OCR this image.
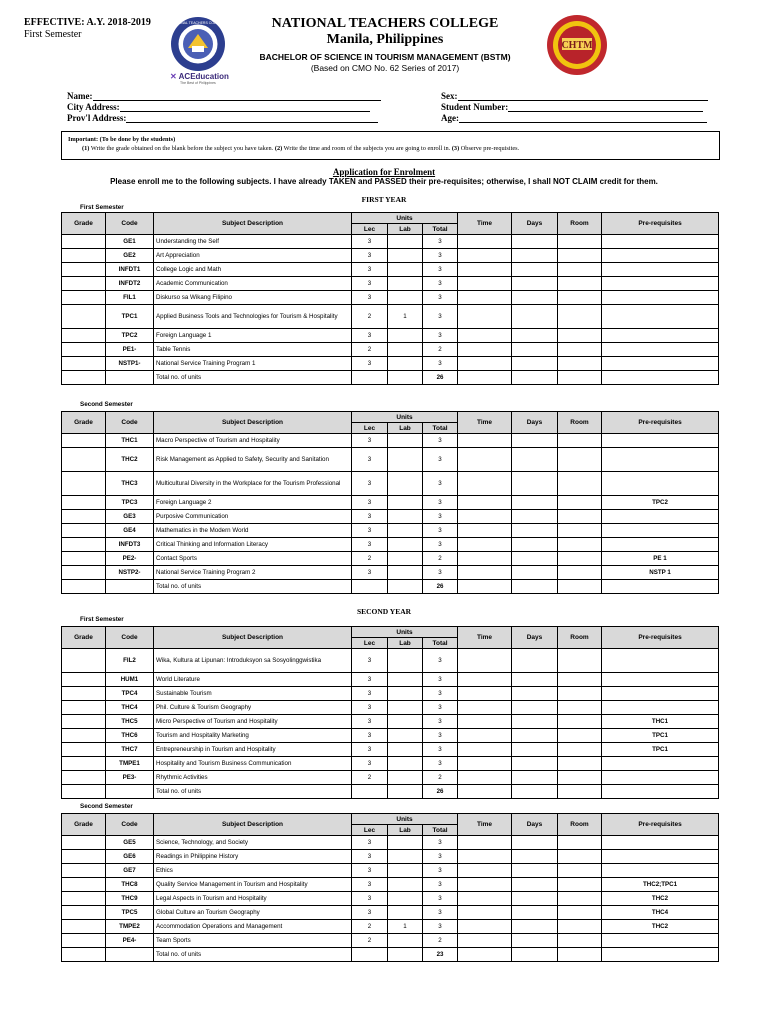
EFFECTIVE: A.Y. 2018-2019
First Semester
NATIONAL TEACHERS COLLEGE
✕ ACEducation
The Best of Philippines
NATIONAL TEACHERS COLLEGE
Manila, Philippines
BACHELOR OF SCIENCE IN TOURISM MANAGEMENT (BSTM)
(Based on CMO No. 62 Series of 2017)
CHTM
Name:
City Address:
Prov'l Address:
Sex:
Student Number:
Age:
Important: (To be done by the students)
(1) Write the grade obtained on the blank before the subject you have taken. (2) Write the time and room of the subjects you are going to enroll in. (3) Observe pre-requisites.
Application for Enrolment
Please enroll me to the following subjects. I have already TAKEN and PASSED their pre-requisites; otherwise, I shall NOT CLAIM credit for them.
FIRST YEAR
First Semester
Second Semester
SECOND YEAR
First Semester
Second Semester
Grade	Code	Subject Description	Units			Time	Days	Room	Pre-requisites
			Lec	Lab	Total				
	GE1	Understanding the Self	3		3				
	GE2	Art Appreciation	3		3				
	INFDT1	College Logic and Math	3		3				
	INFDT2	Academic Communication	3		3				
	FIL1	Diskurso sa Wikang Filipino	3		3				
	TPC1	Applied Business Tools and Technologies for Tourism & Hospitality	2	1	3				
	TPC2	Foreign Language 1	3		3				
	PE1-	Table Tennis	2		2				
	NSTP1-	National Service Training Program 1	3		3				
		Total no. of units			26				
Grade	Code	Subject Description	Units			Time	Days	Room	Pre-requisites
			Lec	Lab	Total				
	THC1	Macro Perspective of Tourism and Hospitality	3		3				
	THC2	Risk Management as Applied to Safety, Security and Sanitation	3		3				
	THC3	Multicultural Diversity in the Workplace for the Tourism Professional	3		3				
	TPC3	Foreign Language 2	3		3				TPC2
	GE3	Purposive Communication	3		3				
	GE4	Mathematics in the Modern World	3		3				
	INFDT3	Critical Thinking and Information Literacy	3		3				
	PE2-	Contact Sports	2		2				PE 1
	NSTP2-	National Service Training Program 2	3		3				NSTP 1
		Total no. of units			26				
Grade	Code	Subject Description	Units			Time	Days	Room	Pre-requisites
			Lec	Lab	Total				
	FIL2	Wika, Kultura at Lipunan: Introduksyon sa Sosyolinggwistika	3		3				
	HUM1	World Literature	3		3				
	TPC4	Sustainable Tourism	3		3				
	THC4	Phil. Culture & Tourism Geography	3		3				
	THC5	Micro Perspective of Tourism and Hospitality	3		3				THC1
	THC6	Tourism and Hospitality Marketing	3		3				TPC1
	THC7	Entrepreneurship in Tourism and Hospitality	3		3				TPC1
	TMPE1	Hospitality and Tourism Business Communication	3		3				
	PE3-	Rhythmic Activities	2		2				
		Total no. of units			26				
Grade	Code	Subject Description	Units			Time	Days	Room	Pre-requisites
			Lec	Lab	Total				
	GE5	Science, Technology, and Society	3		3				
	GE6	Readings in Philippine History	3		3				
	GE7	Ethics	3		3				
	THC8	Quality Service Management in Tourism and Hospitality	3		3				THC2;TPC1
	THC9	Legal Aspects in Tourism and Hospitality	3		3				THC2
	TPC5	Global Culture an Tourism Geography	3		3				THC4
	TMPE2	Accommodation Operations and Management	2	1	3				THC2
	PE4-	Team Sports	2		2				
		Total no. of units			23				
